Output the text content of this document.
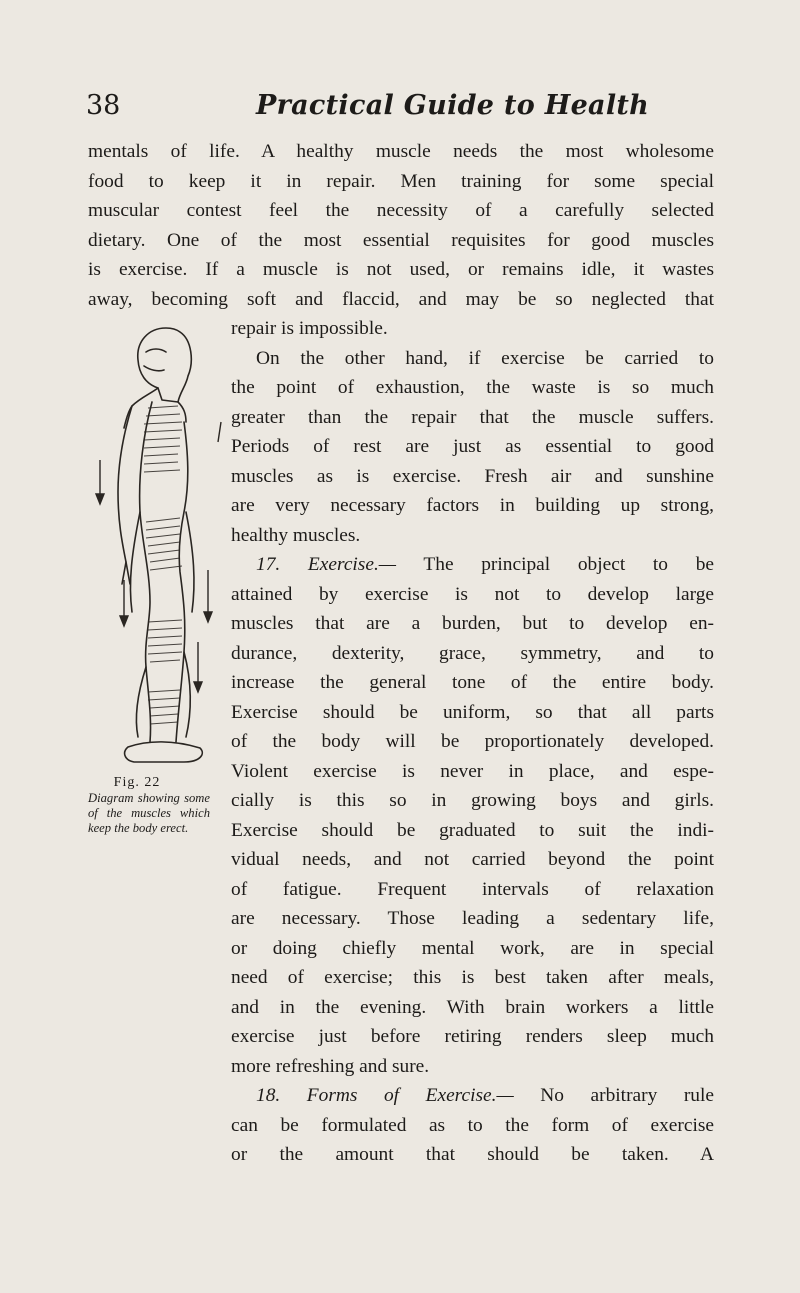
38	Practical Guide to Health
mentals of life. A healthy muscle needs the most wholesome
food to keep it in repair. Men training for some special
muscular contest feel the necessity of a carefully selected
dietary. One of the most essential requisites for good muscles
is exercise. If a muscle is not used, or remains idle, it wastes
away, becoming soft and flaccid, and may be so neglected that
repair is impossible.
On the other hand, if exercise be carried to
the point of exhaustion, the waste is so much
greater than the repair that the muscle suffers.
Periods of rest are just as essential to good
muscles as is exercise. Fresh air and sunshine
are very necessary factors in building up strong,
healthy muscles.
17. Exercise.— The principal object to be
attained by exercise is not to develop large
muscles that are a burden, but to develop en-
durance, dexterity, grace, symmetry, and to
increase the general tone of the entire body.
Exercise should be uniform, so that all parts
of the body will be proportionately developed.
Violent exercise is never in place, and espe-
cially is this so in growing boys and girls.
Exercise should be graduated to suit the indi-
vidual needs, and not carried beyond the point
of fatigue. Frequent intervals of relaxation
are necessary. Those leading a sedentary life,
or doing chiefly mental work, are in special
need of exercise; this is best taken after meals,
and in the evening. With brain workers a little
exercise just before retiring renders sleep much
more refreshing and sure.
18. Forms of Exercise.— No arbitrary rule
can be formulated as to the form of exercise
or the amount that should be taken. A
Fig. 22
Diagram showing some of the muscles which keep the body erect.
